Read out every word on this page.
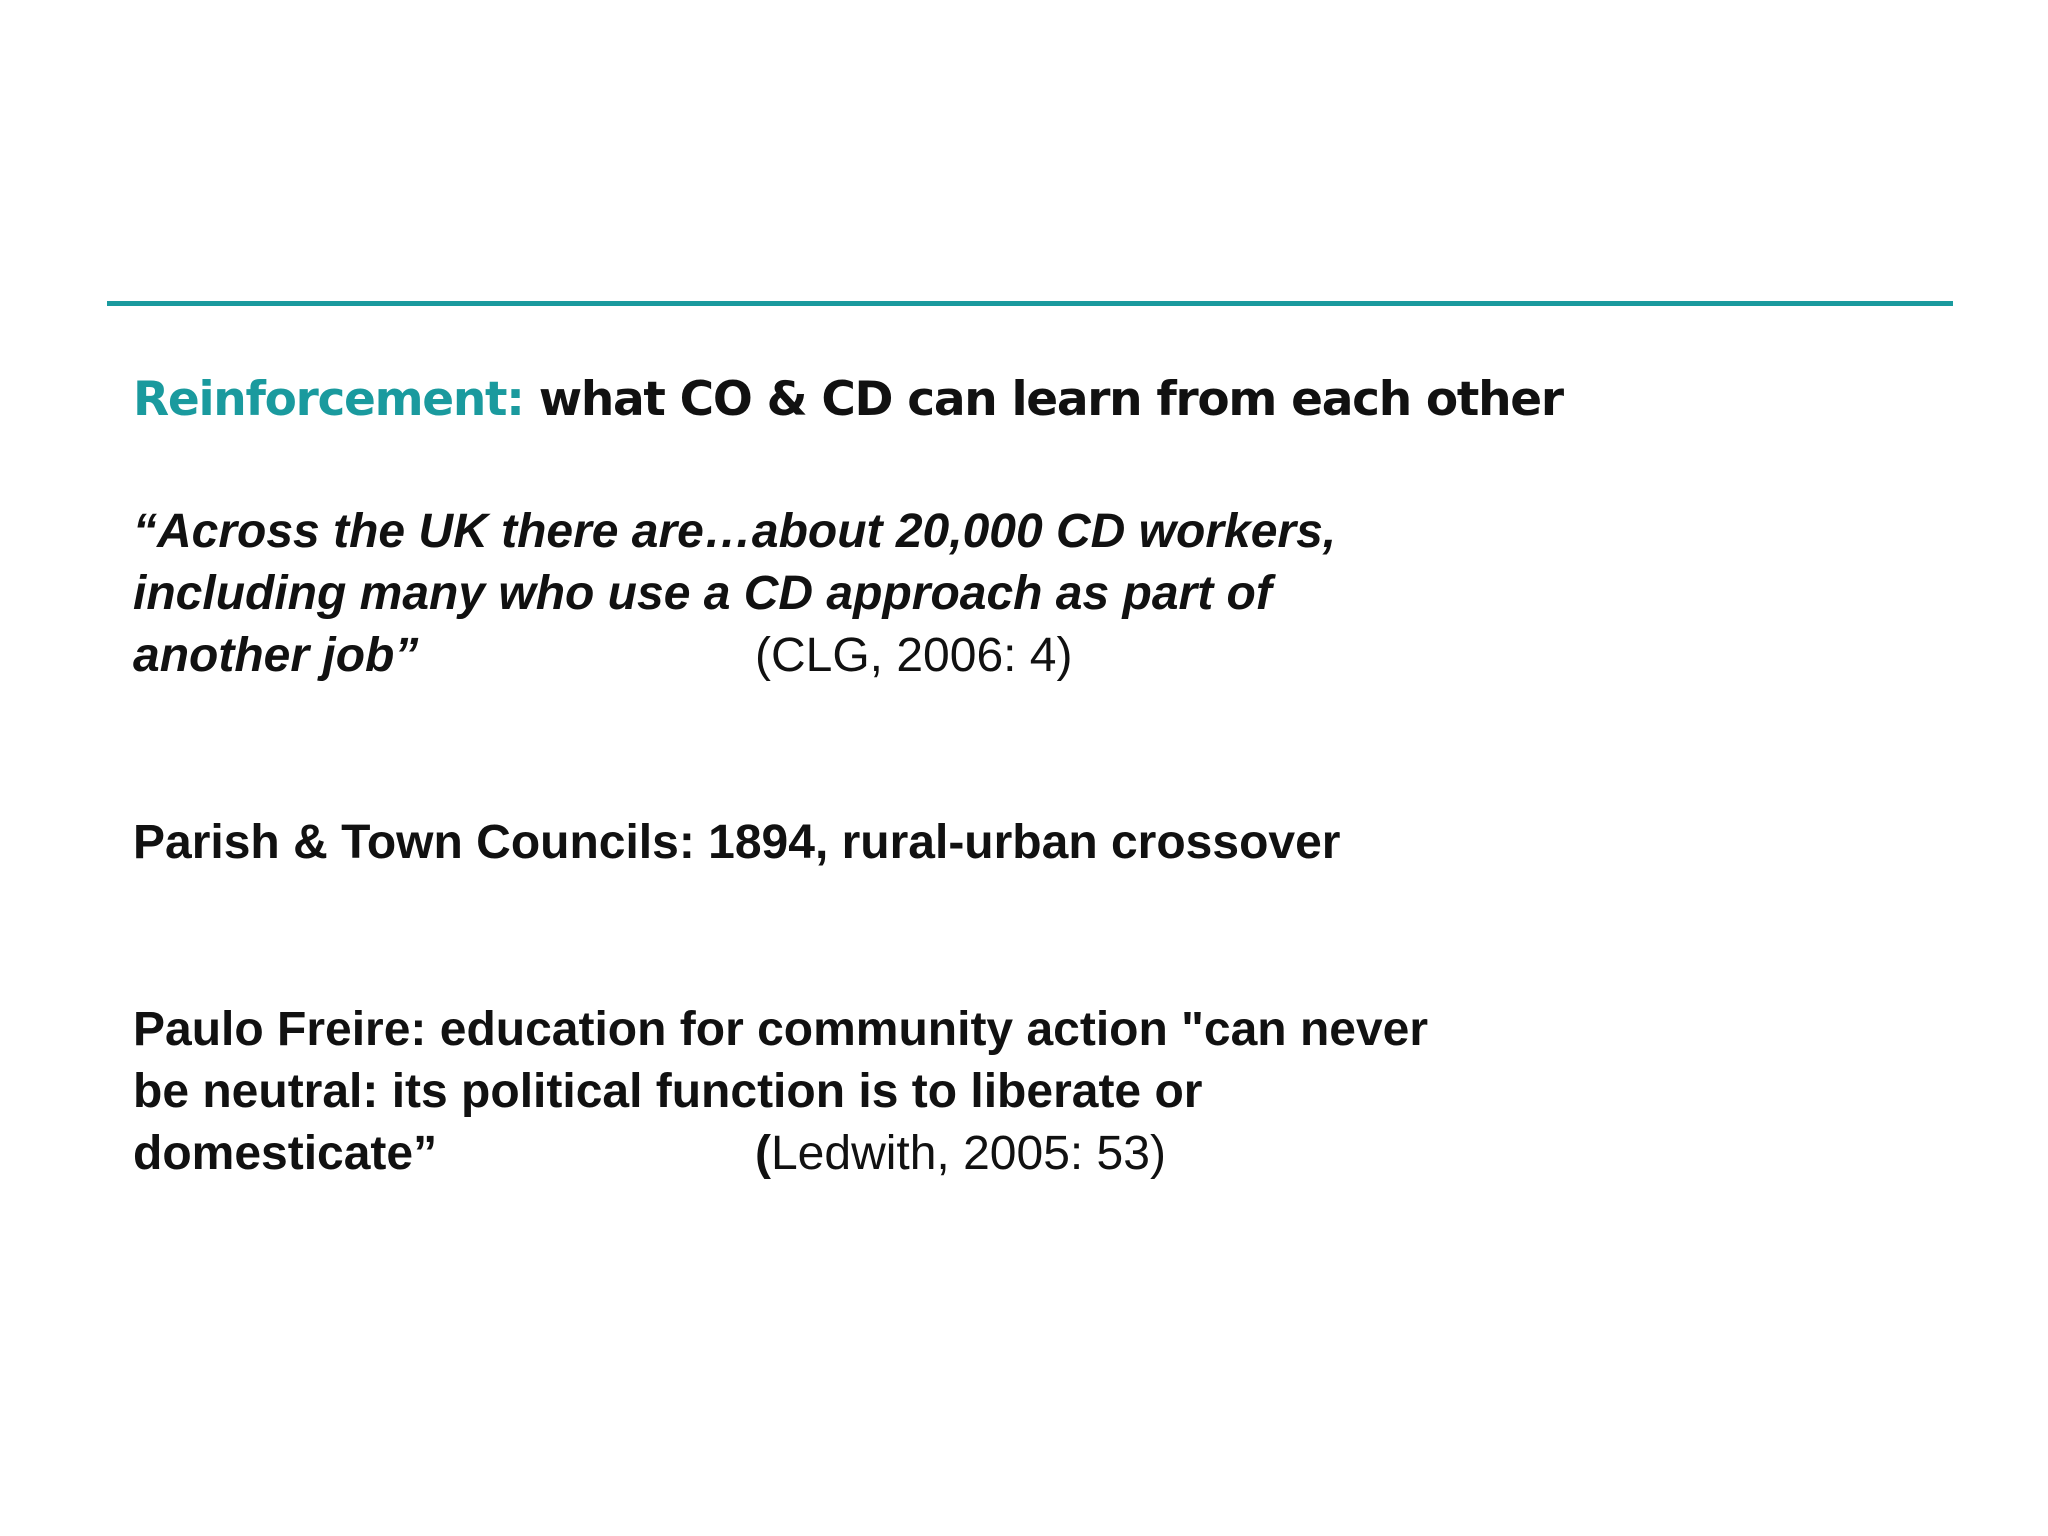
Reinforcement: what CO & CD can learn from each other
“Across the UK there are…about 20,000 CD workers,
including many who use a CD approach as part of
another job”	(CLG, 2006: 4)
Parish & Town Councils: 1894, rural-urban crossover
Paulo Freire: education for community action "can never
be neutral: its political function is to liberate or
domesticate”	(Ledwith, 2005: 53)
